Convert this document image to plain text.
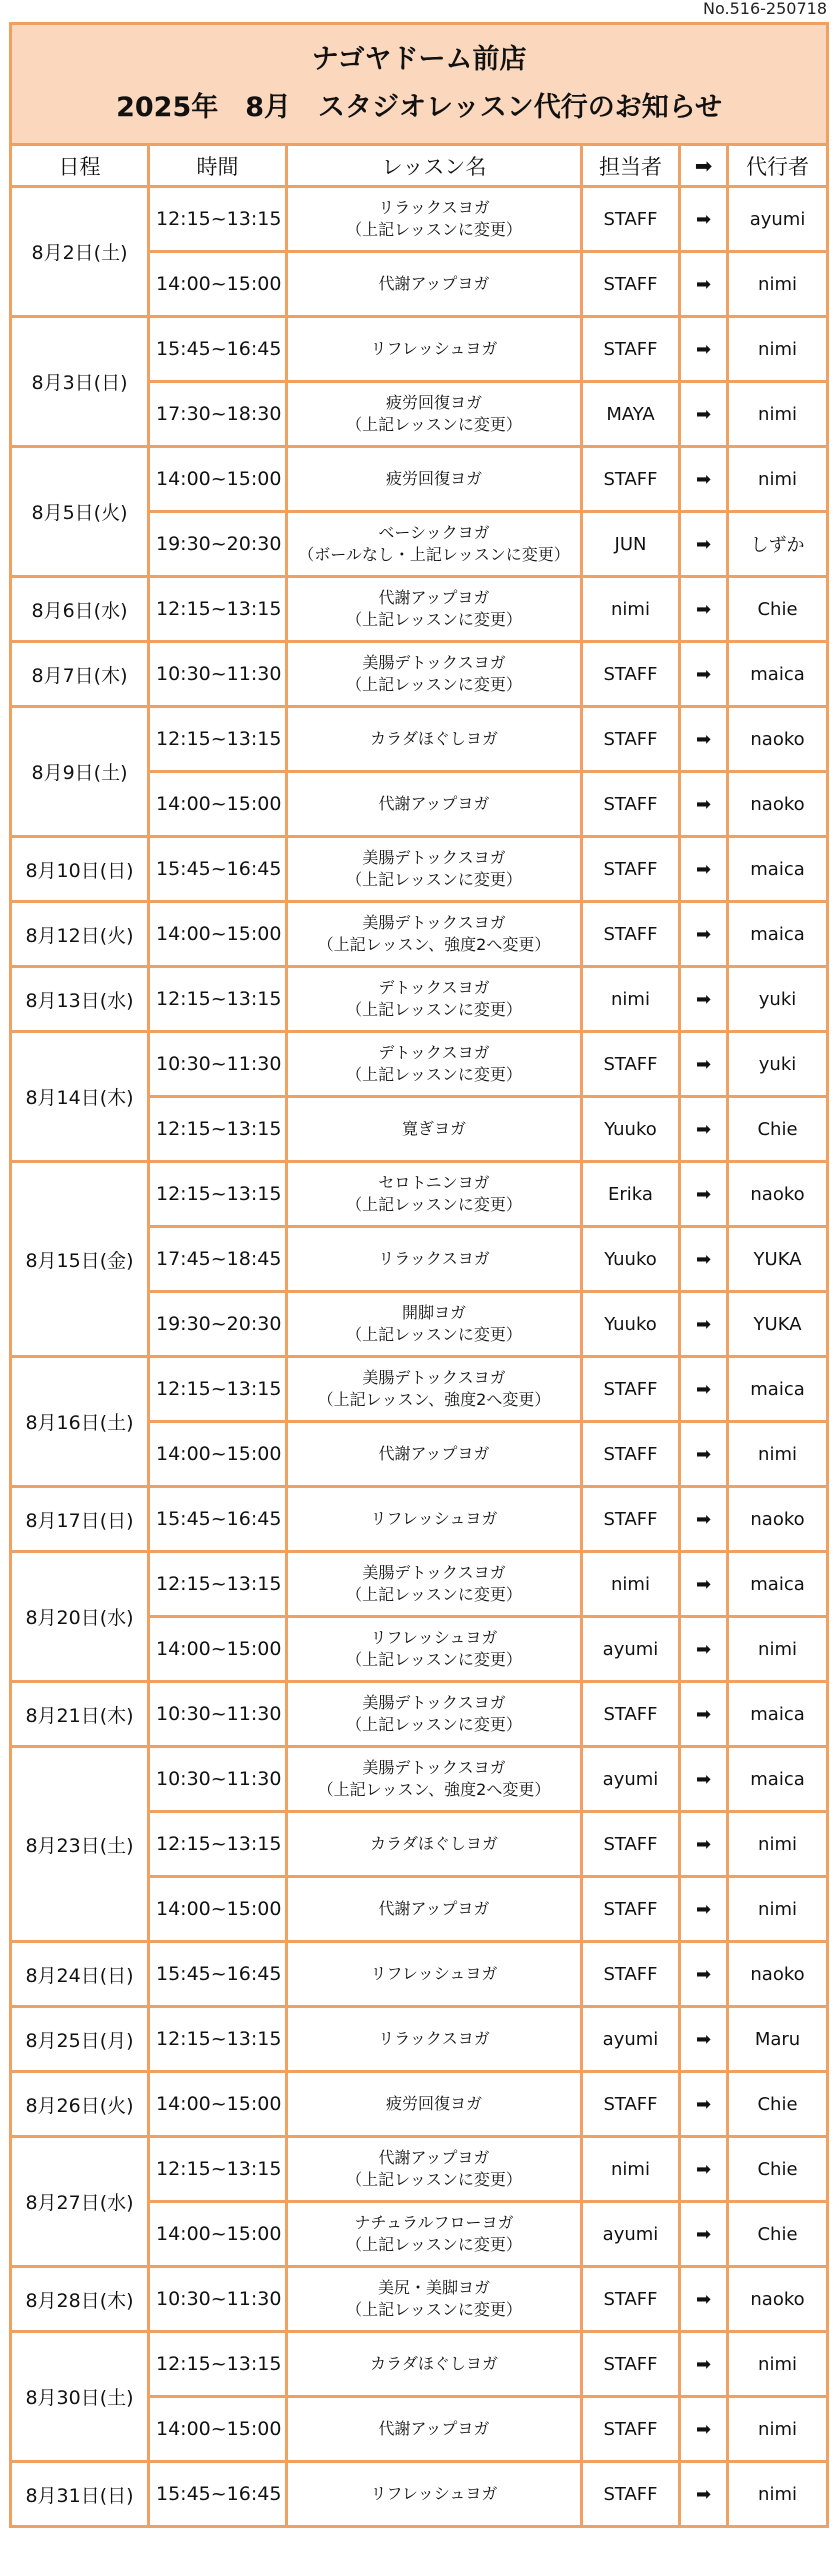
No.516-250718
ナゴヤドーム前店
2025年　8月　スタジオレッスン代行のお知らせ					

日程	時間	レッスン名	担当者	➡	代行者
8月2日(土)	12:15~13:15	リラックスヨガ
（上記レッスンに変更）	STAFF	➡	ayumi
	14:00~15:00	代謝アップヨガ	STAFF	➡	nimi
8月3日(日)	15:45~16:45	リフレッシュヨガ	STAFF	➡	nimi
	17:30~18:30	疲労回復ヨガ
（上記レッスンに変更）	MAYA	➡	nimi
8月5日(火)	14:00~15:00	疲労回復ヨガ	STAFF	➡	nimi
	19:30~20:30	ベーシックヨガ
（ボールなし・上記レッスンに変更）	JUN	➡	しずか
8月6日(水)	12:15~13:15	代謝アップヨガ
（上記レッスンに変更）	nimi	➡	Chie
8月7日(木)	10:30~11:30	美腸デトックスヨガ
（上記レッスンに変更）	STAFF	➡	maica
8月9日(土)	12:15~13:15	カラダほぐしヨガ	STAFF	➡	naoko
	14:00~15:00	代謝アップヨガ	STAFF	➡	naoko
8月10日(日)	15:45~16:45	美腸デトックスヨガ
（上記レッスンに変更）	STAFF	➡	maica
8月12日(火)	14:00~15:00	美腸デトックスヨガ
（上記レッスン、強度2へ変更）	STAFF	➡	maica
8月13日(水)	12:15~13:15	デトックスヨガ
（上記レッスンに変更）	nimi	➡	yuki
8月14日(木)	10:30~11:30	デトックスヨガ
（上記レッスンに変更）	STAFF	➡	yuki
	12:15~13:15	寛ぎヨガ	Yuuko	➡	Chie
8月15日(金)	12:15~13:15	セロトニンヨガ
（上記レッスンに変更）	Erika	➡	naoko
	17:45~18:45	リラックスヨガ	Yuuko	➡	YUKA
	19:30~20:30	開脚ヨガ
（上記レッスンに変更）	Yuuko	➡	YUKA
8月16日(土)	12:15~13:15	美腸デトックスヨガ
（上記レッスン、強度2へ変更）	STAFF	➡	maica
	14:00~15:00	代謝アップヨガ	STAFF	➡	nimi
8月17日(日)	15:45~16:45	リフレッシュヨガ	STAFF	➡	naoko
8月20日(水)	12:15~13:15	美腸デトックスヨガ
（上記レッスンに変更）	nimi	➡	maica
	14:00~15:00	リフレッシュヨガ
（上記レッスンに変更）	ayumi	➡	nimi
8月21日(木)	10:30~11:30	美腸デトックスヨガ
（上記レッスンに変更）	STAFF	➡	maica
8月23日(土)	10:30~11:30	美腸デトックスヨガ
（上記レッスン、強度2へ変更）	ayumi	➡	maica
	12:15~13:15	カラダほぐしヨガ	STAFF	➡	nimi
	14:00~15:00	代謝アップヨガ	STAFF	➡	nimi
8月24日(日)	15:45~16:45	リフレッシュヨガ	STAFF	➡	naoko
8月25日(月)	12:15~13:15	リラックスヨガ	ayumi	➡	Maru
8月26日(火)	14:00~15:00	疲労回復ヨガ	STAFF	➡	Chie
8月27日(水)	12:15~13:15	代謝アップヨガ
（上記レッスンに変更）	nimi	➡	Chie
	14:00~15:00	ナチュラルフローヨガ
（上記レッスンに変更）	ayumi	➡	Chie
8月28日(木)	10:30~11:30	美尻・美脚ヨガ
（上記レッスンに変更）	STAFF	➡	naoko
8月30日(土)	12:15~13:15	カラダほぐしヨガ	STAFF	➡	nimi
	14:00~15:00	代謝アップヨガ	STAFF	➡	nimi
8月31日(日)	15:45~16:45	リフレッシュヨガ	STAFF	➡	nimi
